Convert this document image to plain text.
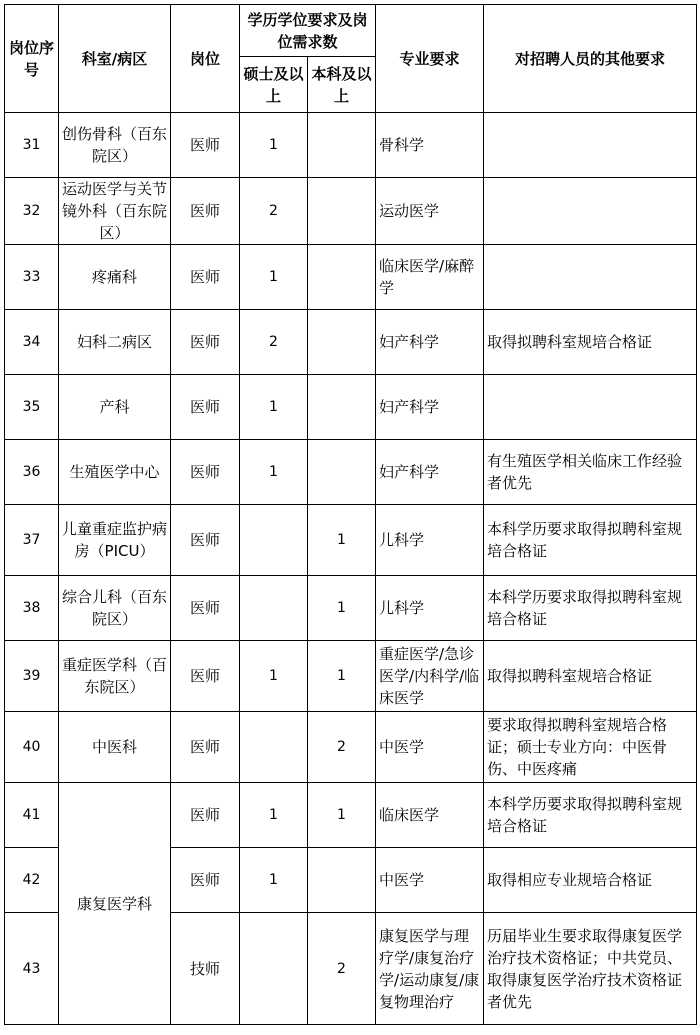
岗位序号	科室/病区	岗位	学历学位要求及岗位需求数		专业要求	对招聘人员的其他要求
			硕士及以上	本科及以上		
31	创伤骨科（百东院区）	医师	1		骨科学	
32	运动医学与关节镜外科（百东院区）	医师	2		运动医学	
33	疼痛科	医师	1		临床医学/麻醉学	
34	妇科二病区	医师	2		妇产科学	取得拟聘科室规培合格证
35	产科	医师	1		妇产科学	
36	生殖医学中心	医师	1		妇产科学	有生殖医学相关临床工作经验者优先
37	儿童重症监护病房（PICU）	医师		1	儿科学	本科学历要求取得拟聘科室规培合格证
38	综合儿科（百东院区）	医师		1	儿科学	本科学历要求取得拟聘科室规培合格证
39	重症医学科（百东院区）	医师	1	1	重症医学/急诊医学/内科学/临床医学	取得拟聘科室规培合格证
40	中医科	医师		2	中医学	要求取得拟聘科室规培合格证；硕士专业方向：中医骨伤、中医疼痛
41	康复医学科	医师	1	1	临床医学	本科学历要求取得拟聘科室规培合格证
42		医师	1		中医学	取得相应专业规培合格证
43		技师		2	康复医学与理疗学/康复治疗学/运动康复/康复物理治疗	历届毕业生要求取得康复医学治疗技术资格证；中共党员、取得康复医学治疗技术资格证者优先
